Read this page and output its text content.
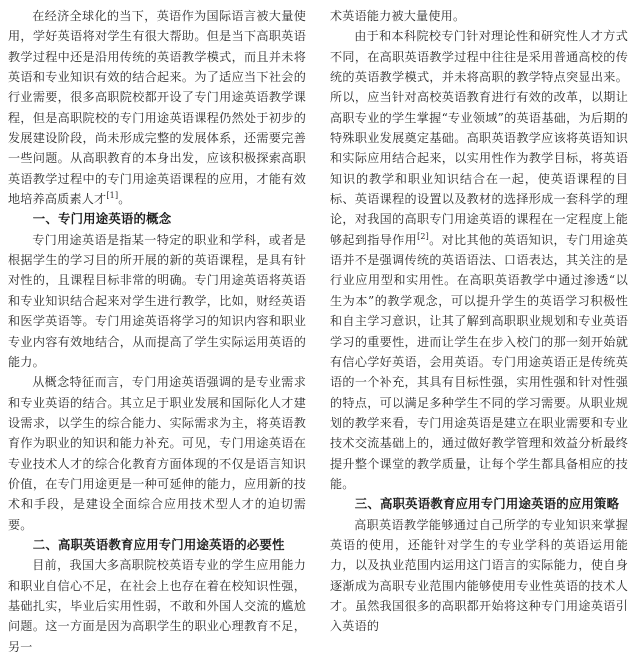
在经济全球化的当下，英语作为国际语言被大量使用，学好英语将对学生有很大帮助。但是当下高职英语教学过程中还是沿用传统的英语教学模式，而且并未将英语和专业知识有效的结合起来。为了适应当下社会的行业需要，很多高职院校都开设了专门用途英语教学课程，但是高职院校的专门用途英语课程仍然处于初步的发展建设阶段，尚未形成完整的发展体系，还需要完善一些问题。从高职教育的本身出发，应该积极探索高职英语教学过程中的专门用途英语课程的应用，才能有效地培养高质素人才[1]。

一、专门用途英语的概念

专门用途英语是指某一特定的职业和学科，或者是根据学生的学习目的所开展的新的英语课程，是具有针对性的，且课程目标非常的明确。专门用途英语将英语和专业知识结合起来对学生进行教学，比如，财经英语和医学英语等。专门用途英语将学习的知识内容和职业专业内容有效地结合，从而提高了学生实际运用英语的能力。

从概念特征而言，专门用途英语强调的是专业需求和专业英语的结合。其立足于职业发展和国际化人才建设需求，以学生的综合能力、实际需求为主，将英语教育作为职业的知识和能力补充。可见，专门用途英语在专业技术人才的综合化教育方面体现的不仅是语言知识价值，在专门用途更是一种可延伸的能力，应用新的技术和手段，是建设全面综合应用技术型人才的迫切需要。

二、高职英语教育应用专门用途英语的必要性

目前，我国大多高职院校英语专业的学生应用能力和职业自信心不足，在社会上也存在着在校知识性强，基础扎实，毕业后实用性弱，不敢和外国人交流的尴尬问题。这一方面是因为高职学生的职业心理教育不足，另一

术英语能力被大量使用。

由于和本科院校专门针对理论性和研究性人才方式不同，在高职英语教学过程中往往是采用普通高校的传统的英语教学模式，并未将高职的教学特点突显出来。所以，应当针对高校英语教育进行有效的改革，以期让高职专业的学生掌握“专业领域”的英语基础，为后期的特殊职业发展奠定基础。高职英语教学应该将英语知识和实际应用结合起来，以实用性作为教学目标，将英语知识的教学和职业知识结合在一起，使英语课程的目标、英语课程的设置以及教材的选择形成一套科学的理论，对我国的高职专门用途英语的课程在一定程度上能够起到指导作用[2]。对比其他的英语知识，专门用途英语并不是强调传统的英语语法、口语表达，其关注的是行业应用型和实用性。在高职英语教学中通过渗透“以生为本”的教学观念，可以提升学生的英语学习积极性和自主学习意识，让其了解到高职职业规划和专业英语学习的重要性，进而让学生在步入校门的那一刻开始就有信心学好英语，会用英语。专门用途英语正是传统英语的一个补充，其具有目标性强，实用性强和针对性强的特点，可以满足多种学生不同的学习需要。从职业规划的教学来看，专门用途英语是建立在职业需要和专业技术交流基础上的，通过做好教学管理和效益分析最终提升整个课堂的教学质量，让每个学生都具备相应的技能。

三、高职英语教育应用专门用途英语的应用策略

高职英语教学能够通过自己所学的专业知识来掌握英语的使用，还能针对学生的专业学科的英语运用能力，以及执业范围内运用这门语言的实际能力，使自身逐渐成为高职专业范围内能够使用专业性英语的技术人才。虽然我国很多的高职都开始将这种专门用途英语引入英语的
